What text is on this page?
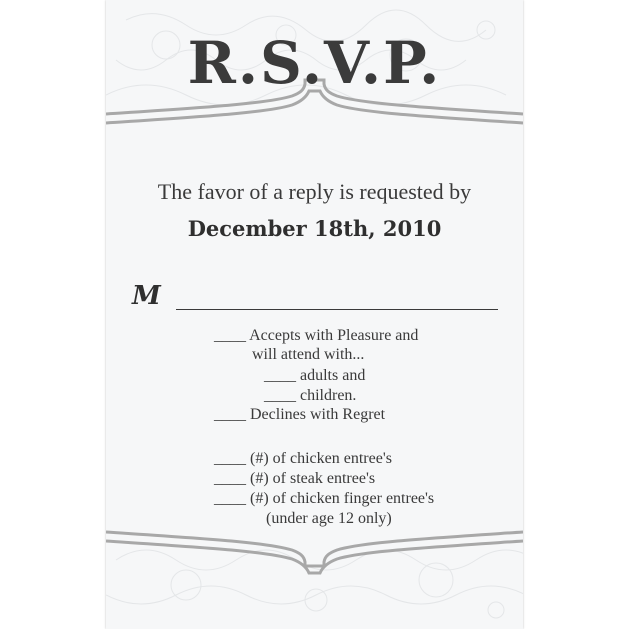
R.S.V.P.
The favor of a reply is requested by
December 18th, 2010
M
____ Accepts with Pleasure and
will attend with...
____ adults and
____ children.
____ Declines with Regret
____ (#) of chicken entree's
____ (#) of steak entree's
____ (#) of chicken finger entree's
(under age 12 only)
